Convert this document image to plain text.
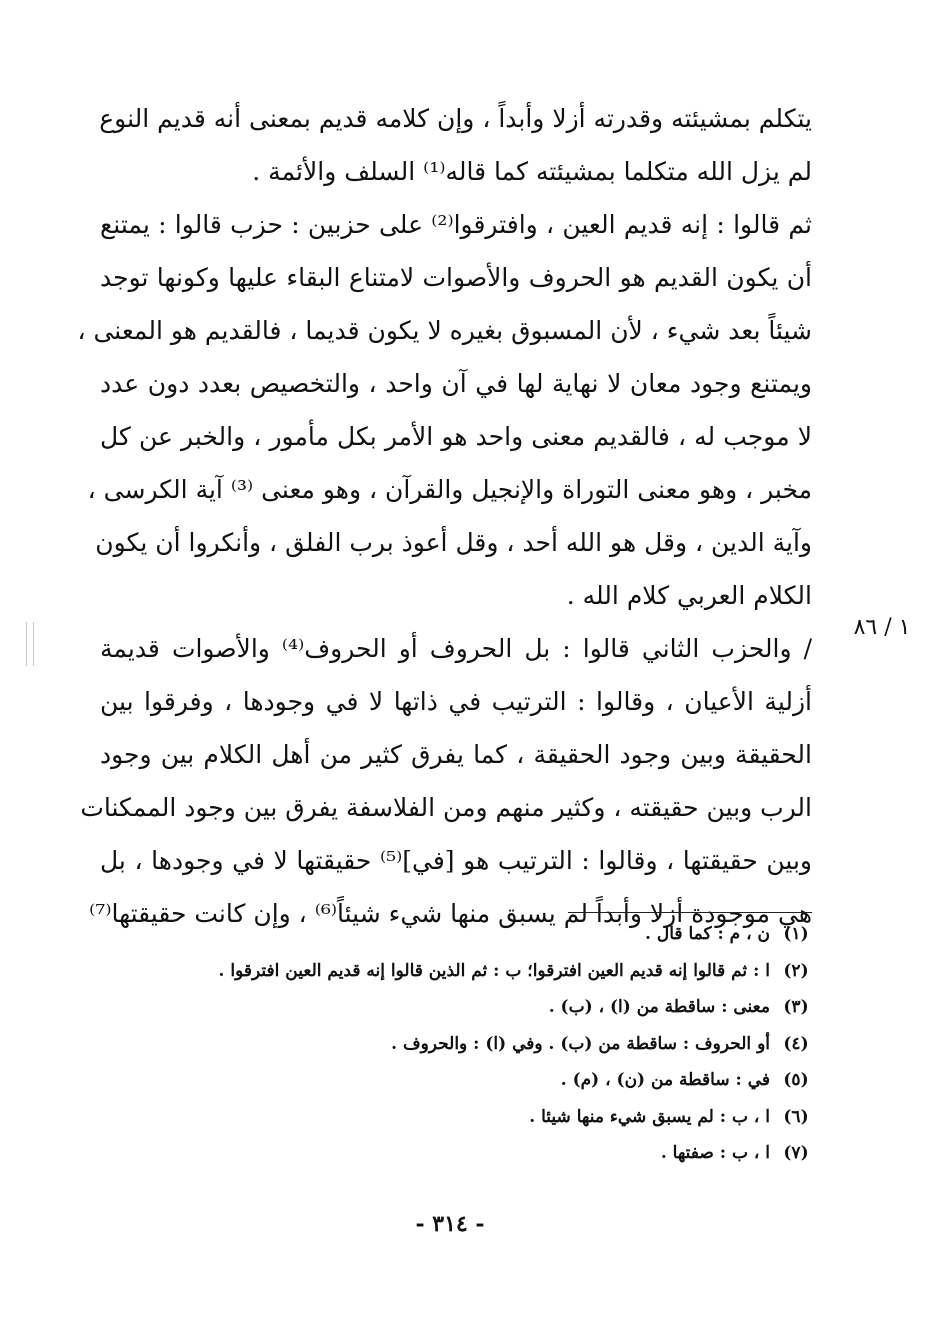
١ / ٨٦
يتكلم بمشيئته وقدرته أزلا وأبداً ، وإن كلامه قديم بمعنى أنه قديم النوع
لم يزل الله متكلما بمشيئته كما قاله⁽¹⁾ السلف والأئمة .
ثم قالوا : إنه قديم العين ، وافترقوا⁽²⁾ على حزبين : حزب قالوا : يمتنع
أن يكون القديم هو الحروف والأصوات لامتناع البقاء عليها وكونها توجد
شيئاً بعد شيء ، لأن المسبوق بغيره لا يكون قديما ، فالقديم هو المعنى ،
ويمتنع وجود معان لا نهاية لها في آن واحد ، والتخصيص بعدد دون عدد
لا موجب له ، فالقديم معنى واحد هو الأمر بكل مأمور ، والخبر عن كل
مخبر ، وهو معنى التوراة والإنجيل والقرآن ، وهو معنى ⁽³⁾ آية الكرسى ،
وآية الدين ، وقل هو الله أحد ، وقل أعوذ برب الفلق ، وأنكروا أن يكون
الكلام العربي كلام الله .
/ والحزب الثاني قالوا : بل الحروف أو الحروف⁽⁴⁾ والأصوات قديمة
أزلية الأعيان ، وقالوا : الترتيب في ذاتها لا في وجودها ، وفرقوا بين
الحقيقة وبين وجود الحقيقة ، كما يفرق كثير من أهل الكلام بين وجود
الرب وبين حقيقته ، وكثير منهم ومن الفلاسفة يفرق بين وجود الممكنات
وبين حقيقتها ، وقالوا : الترتيب هو [في]⁽⁵⁾ حقيقتها لا في وجودها ، بل
هي موجودة أزلا وأبداً لم يسبق منها شيء شيئاً⁽⁶⁾ ، وإن كانت حقيقتها⁽⁷⁾
(١)ن ، م : كما قال .
(٢)ا : ثم قالوا إنه قديم العين افترقوا؛ ب : ثم الذين قالوا إنه قديم العين افترقوا .
(٣)معنى : ساقطة من (ا) ، (ب) .
(٤)أو الحروف : ساقطة من (ب) . وفي (ا) : والحروف .
(٥)في : ساقطة من (ن) ، (م) .
(٦)ا ، ب : لم يسبق شيء منها شيئا .
(٧)ا ، ب : صفتها .
- ٣١٤ -
